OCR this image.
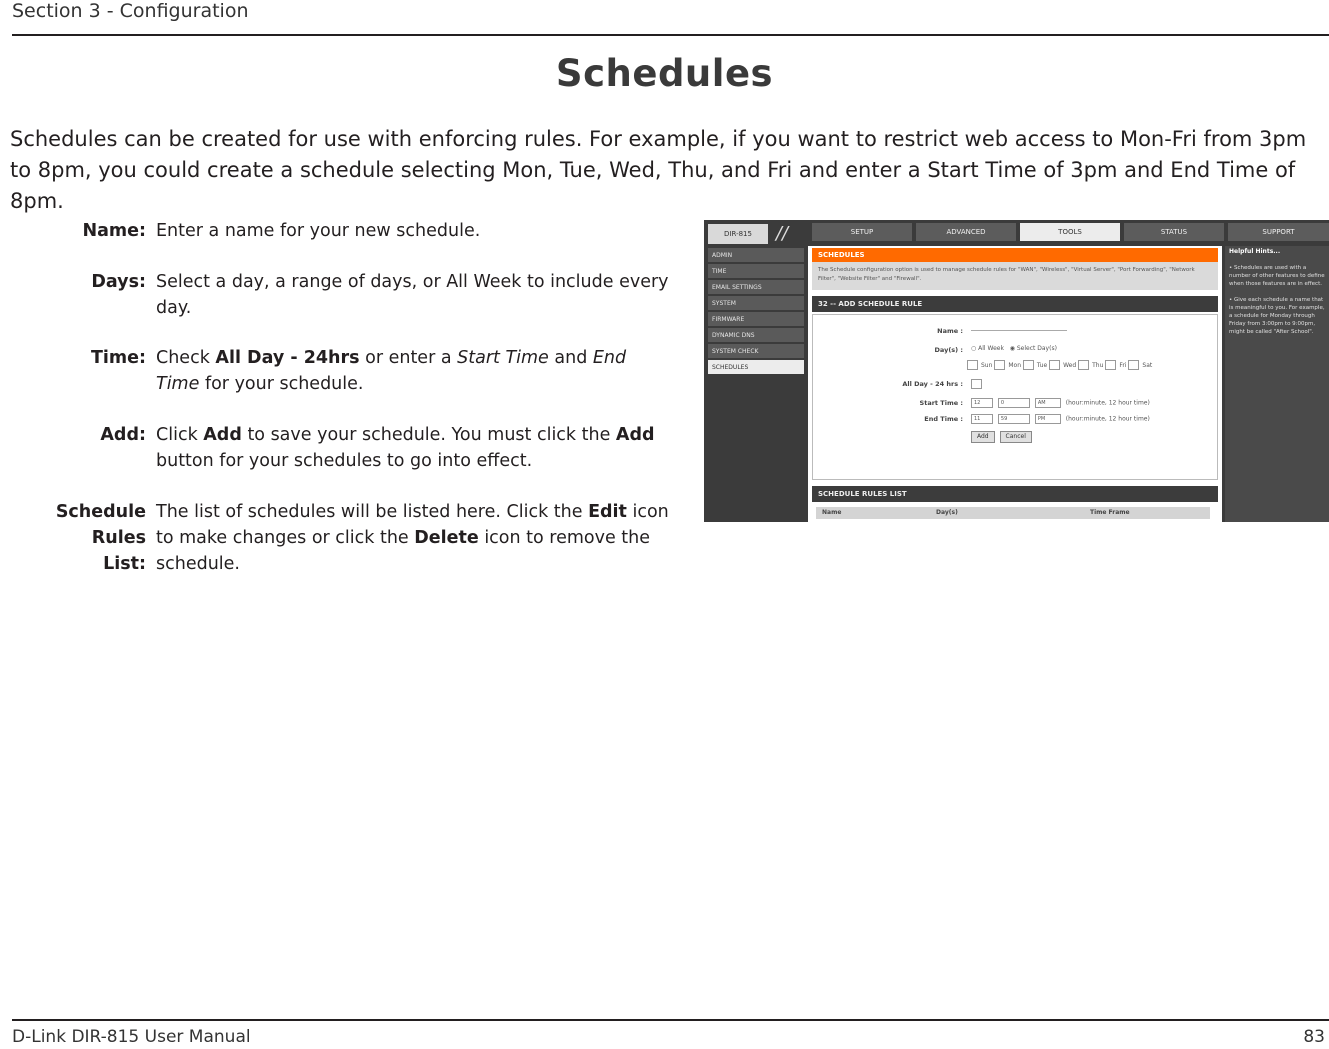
Section 3 - Configuration
Schedules
Schedules can be created for use with enforcing rules. For example, if you want to restrict web access to Mon-Fri from 3pm to 8pm, you could create a schedule selecting Mon, Tue, Wed, Thu, and Fri and enter a Start Time of 3pm and End Time of 8pm.
Name: Enter a name for your new schedule.
Days: Select a day, a range of days, or All Week to include every day.
Time: Check All Day - 24hrs or enter a Start Time and End Time for your schedule.
Add: Click Add to save your schedule. You must click the Add button for your schedules to go into effect.
Schedule Rules
List:
The list of schedules will be listed here. Click the Edit icon to make changes or click the Delete icon to remove the schedule.
DIR-815	//	SETUP	ADVANCED	TOOLS	STATUS	SUPPORT
ADMIN
TIME
EMAIL SETTINGS
SYSTEM
FIRMWARE
DYNAMIC DNS
SYSTEM CHECK
SCHEDULES
SCHEDULES
The Schedule configuration option is used to manage schedule rules for "WAN", "Wireless", "Virtual Server", "Port Forwarding", "Network Filter", "Website Filter" and "Firewall".
32 -- ADD SCHEDULE RULE
Name :
Day(s) : ○ All Week ◉ Select Day(s)
Sun	Mon	Tue	Wed	Thu	Fri	Sat
All Day - 24 hrs :
Start Time :	12	0	AM	(hour:minute, 12 hour time)
End Time :	11	59	PM	(hour:minute, 12 hour time)
Add	Cancel
SCHEDULE RULES LIST
Name	Day(s)	Time Frame
Helpful Hints...

• Schedules are used with a number of other features to define when those features are in effect.

• Give each schedule a name that is meaningful to you. For example, a schedule for Monday through Friday from 3:00pm to 9:00pm, might be called "After School".

D-Link DIR-815 User Manual	83
